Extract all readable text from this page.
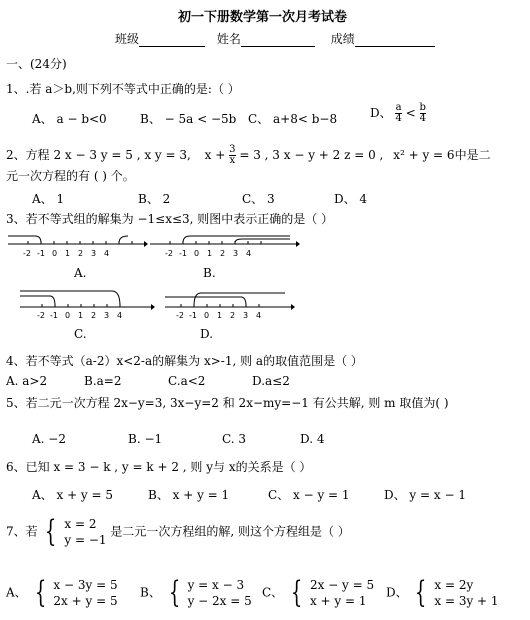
初一下册数学第一次月考试卷
班级	姓名	成绩
一、(24分)
1、.若 a＞b,则下列不等式中正确的是:（ ）
A、 a − b<0	B、 − 5a < −5b C、 a+8< b−8	D、 $\frac{a}{4} < \frac{b}{4}$
2、方程 2 x − 3 y = 5 , x y = 3, $x + \frac{3}{x} = 3$ , 3 x − y + 2 z = 0 , x² + y = 6中是二
元一次方程的有 ( ) 个。
A、 1	B、 2	C、 3	D、 4
3、若不等式组的解集为 −1≤x≤3, 则图中表示正确的是（ ）
-2 -1 0 1 2 3 4
A.
-2 -1 0 1 2 3 4
B.
-2 -1 0 1 2 3 4
C.
-2 -1 0 1 2 3 4
D.
4、若不等式（a-2）x<2-a的解集为 x>-1, 则 a的取值范围是（ ）
A. a>2	B.a=2	C.a<2	D.a≤2
5、若二元一次方程 2x−y=3, 3x−y=2 和 2x−my=−1 有公共解, 则 m 取值为( )
A. −2	B. −1	C. 3	D. 4
6、已知 x = 3 − k , y = k + 2 , 则 y与 x的关系是（ ）
A、 x + y = 5	B、 x + y = 1	C、 x − y = 1	D、 y = x − 1
7、若 { x = 2
y = −1
是二元一次方程组的解, 则这个方程组是（ ）
A、 { x − 3y = 5
2x + y = 5
B、 { y = x − 3
y − 2x = 5
C、 { 2x − y = 5
x + y = 1
D、 { x = 2y
x = 3y + 1
